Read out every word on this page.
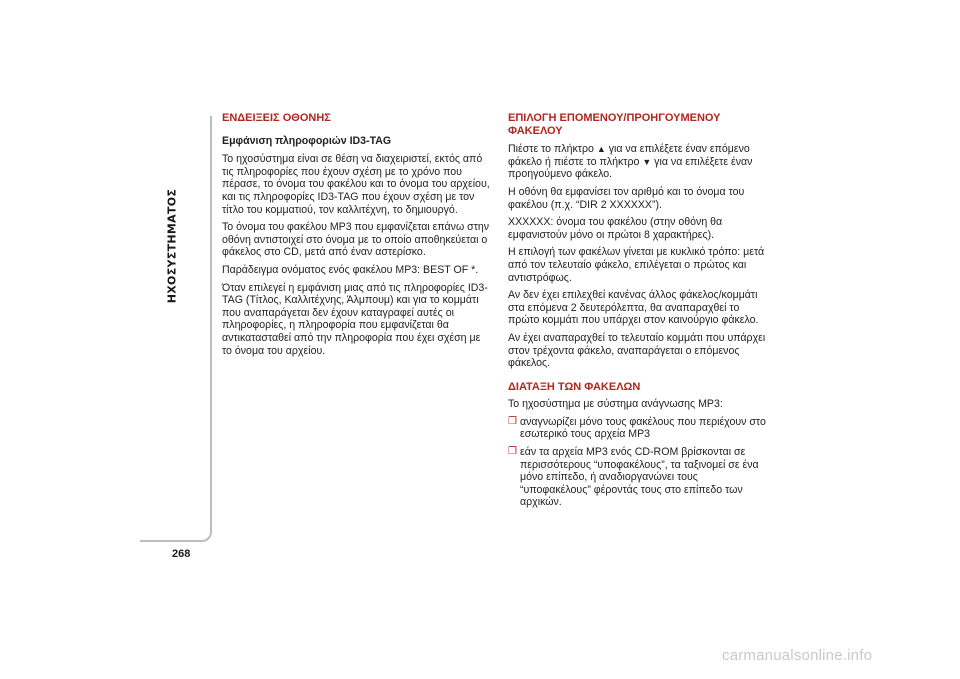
ΗΧΟΣΥΣΤΗΜΑΤΟΣ
268
ΕΝΔΕΙΞΕΙΣ ΟΘΟΝΗΣ
Εμφάνιση πληροφοριών ID3-TAG

Το ηχοσύστημα είναι σε θέση να διαχειριστεί, εκτός από τις πληροφορίες που έχουν σχέση με το χρόνο που πέρασε, το όνομα του φακέλου και το όνομα του αρχείου, και τις πληροφορίες ID3-TAG που έχουν σχέση με τον τίτλο του κομματιού, τον καλλιτέχνη, το δημιουργό.

Το όνομα του φακέλου MP3 που εμφανίζεται επάνω στην οθόνη αντιστοιχεί στο όνομα με το οποίο αποθηκεύεται ο φάκελος στο CD, μετά από έναν αστερίσκο.

Παράδειγμα ονόματος ενός φακέλου MP3: BEST OF *.

Όταν επιλεγεί η εμφάνιση μιας από τις πληροφορίες ID3-TAG (Τίτλος, Καλλιτέχνης, Άλμπουμ) και για το κομμάτι που αναπαράγεται δεν έχουν καταγραφεί αυτές οι πληροφορίες, η πληροφορία που εμφανίζεται θα αντικατασταθεί από την πληροφορία που έχει σχέση με το όνομα του αρχείου.

ΕΠΙΛΟΓΗ ΕΠΟΜΕΝΟΥ/ΠΡΟΗΓΟΥΜΕΝΟΥ ΦΑΚΕΛΟΥ

Πιέστε το πλήκτρο ▲ για να επιλέξετε έναν επόμενο φάκελο ή πιέστε το πλήκτρο ▼ για να επιλέξετε έναν προηγούμενο φάκελο.

Η οθόνη θα εμφανίσει τον αριθμό και το όνομα του φακέλου (π.χ. “DIR 2 XXXXXX”).

XXXXXX: όνομα του φακέλου (στην οθόνη θα εμφανιστούν μόνο οι πρώτοι 8 χαρακτήρες).

Η επιλογή των φακέλων γίνεται με κυκλικό τρόπο: μετά από τον τελευταίο φάκελο, επιλέγεται ο πρώτος και αντιστρόφως.

Αν δεν έχει επιλεχθεί κανένας άλλος φάκελος/κομμάτι στα επόμενα 2 δευτερόλεπτα, θα αναπαραχθεί το πρώτο κομμάτι που υπάρχει στον καινούργιο φάκελο.

Αν έχει αναπαραχθεί το τελευταίο κομμάτι που υπάρχει στον τρέχοντα φάκελο, αναπαράγεται ο επόμενος φάκελος.

ΔΙΑΤΑΞΗ ΤΩΝ ΦΑΚΕΛΩΝ

Το ηχοσύστημα με σύστημα ανάγνωσης MP3:

❒ αναγνωρίζει μόνο τους φακέλους που περιέχουν στο εσωτερικό τους αρχεία MP3
❒ εάν τα αρχεία MP3 ενός CD-ROM βρίσκονται σε περισσότερους “υποφακέλους”, τα ταξινομεί σε ένα μόνο επίπεδο, ή αναδιοργανώνει τους “υποφακέλους” φέροντάς τους στο επίπεδο των αρχικών.
carmanualsonline.info
